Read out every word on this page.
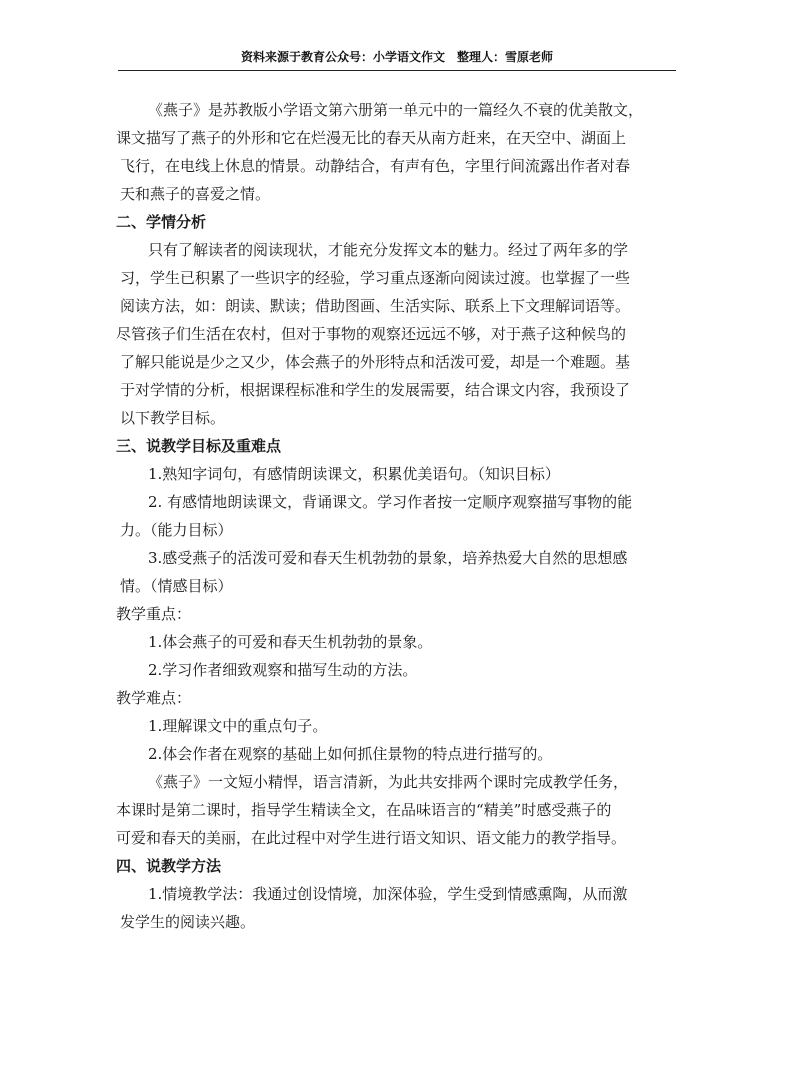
资料来源于教育公众号：小学语文作文　整理人：雪原老师
《燕子》是苏教版小学语文第六册第一单元中的一篇经久不衰的优美散文，
课文描写了燕子的外形和它在烂漫无比的春天从南方赶来，在天空中、湖面上
飞行，在电线上休息的情景。动静结合，有声有色，字里行间流露出作者对春
天和燕子的喜爱之情。
二、学情分析
只有了解读者的阅读现状，才能充分发挥文本的魅力。经过了两年多的学
习，学生已积累了一些识字的经验，学习重点逐渐向阅读过渡。也掌握了一些
阅读方法，如：朗读、默读；借助图画、生活实际、联系上下文理解词语等。
尽管孩子们生活在农村，但对于事物的观察还远远不够，对于燕子这种候鸟的
了解只能说是少之又少，体会燕子的外形特点和活泼可爱，却是一个难题。基
于对学情的分析，根据课程标准和学生的发展需要，结合课文内容，我预设了
以下教学目标。
三、说教学目标及重难点
1.熟知字词句，有感情朗读课文，积累优美语句。（知识目标）
2. 有感情地朗读课文，背诵课文。学习作者按一定顺序观察描写事物的能
力。（能力目标）
3.感受燕子的活泼可爱和春天生机勃勃的景象，培养热爱大自然的思想感
情。（情感目标）
教学重点：
1.体会燕子的可爱和春天生机勃勃的景象。
2.学习作者细致观察和描写生动的方法。
教学难点：
1.理解课文中的重点句子。
2.体会作者在观察的基础上如何抓住景物的特点进行描写的。
《燕子》一文短小精悍，语言清新，为此共安排两个课时完成教学任务，
本课时是第二课时，指导学生精读全文，在品味语言的“精美”时感受燕子的
可爱和春天的美丽，在此过程中对学生进行语文知识、语文能力的教学指导。
四、说教学方法
1.情境教学法：我通过创设情境，加深体验，学生受到情感熏陶，从而激
发学生的阅读兴趣。
